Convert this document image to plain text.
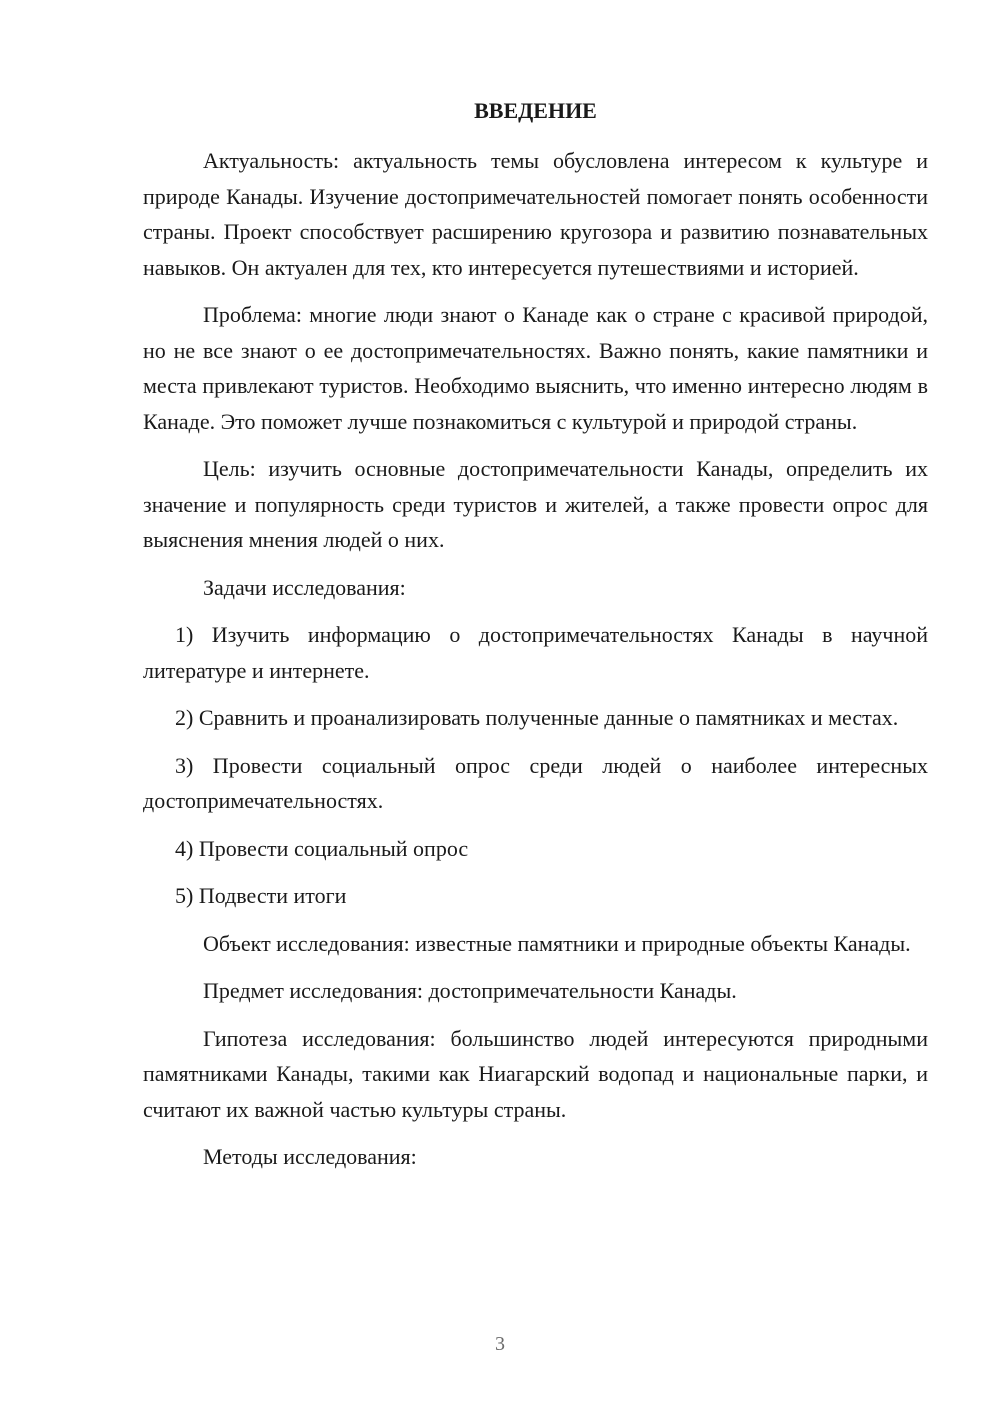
ВВЕДЕНИЕ

Актуальность: актуальность темы обусловлена интересом к культуре и природе Канады. Изучение достопримечательностей помогает понять особенности страны. Проект способствует расширению кругозора и развитию познавательных навыков. Он актуален для тех, кто интересуется путешествиями и историей.

Проблема: многие люди знают о Канаде как о стране с красивой природой, но не все знают о ее достопримечательностях. Важно понять, какие памятники и места привлекают туристов. Необходимо выяснить, что именно интересно людям в Канаде. Это поможет лучше познакомиться с культурой и природой страны.

Цель: изучить основные достопримечательности Канады, определить их значение и популярность среди туристов и жителей, а также провести опрос для выяснения мнения людей о них.

Задачи исследования:

1) Изучить информацию о достопримечательностях Канады в научной литературе и интернете.

2) Сравнить и проанализировать полученные данные о памятниках и местах.

3) Провести социальный опрос среди людей о наиболее интересных достопримечательностях.

4) Провести социальный опрос

5) Подвести итоги

Объект исследования: известные памятники и природные объекты Канады.

Предмет исследования: достопримечательности Канады.

Гипотеза исследования: большинство людей интересуются природными памятниками Канады, такими как Ниагарский водопад и национальные парки, и считают их важной частью культуры страны.

Методы исследования:

3
